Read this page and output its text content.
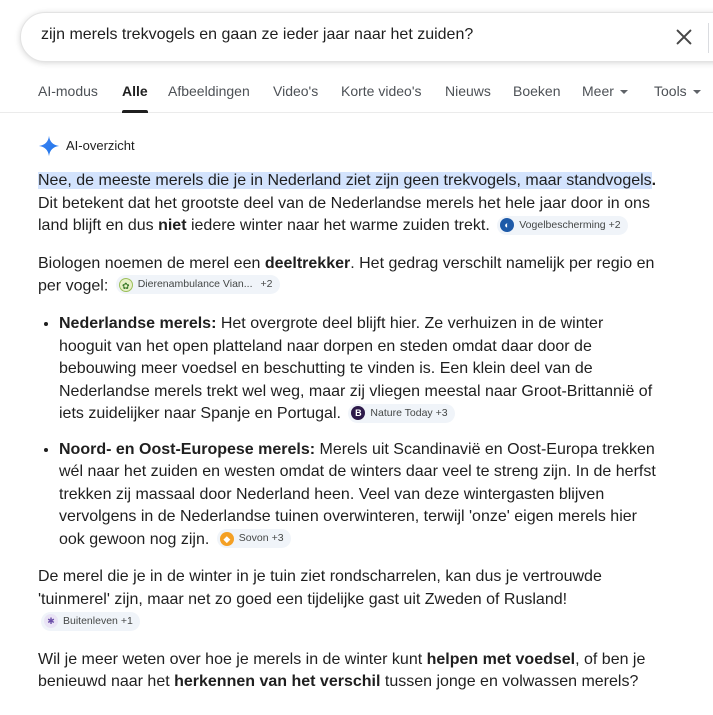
zijn merels trekvogels en gaan ze ieder jaar naar het zuiden?
AI-modus Alle Afbeeldingen Video's Korte video's Nieuws Boeken Meer	Tools
AI-overzicht

Nee, de meeste merels die je in Nederland ziet zijn geen trekvogels, maar standvogels. Dit betekent dat het grootste deel van de Nederlandse merels het hele jaar door in ons land blijft en dus niet iedere winter naar het warme zuiden trekt.	◐ Vogelbescherming +2

Biologen noemen de merel een deeltrekker. Het gedrag verschilt namelijk per regio en per vogel:	✿ Dierenambulance Vian... +2

• Nederlandse merels: Het overgrote deel blijft hier. Ze verhuizen in de winter hooguit van het open platteland naar dorpen en steden omdat daar door de bebouwing meer voedsel en beschutting te vinden is. Een klein deel van de Nederlandse merels trekt wel weg, maar zij vliegen meestal naar Groot-Brittannië of iets zuidelijker naar Spanje en Portugal.	B Nature Today +3
• Noord- en Oost-Europese merels: Merels uit Scandinavië en Oost-Europa trekken wél naar het zuiden en westen omdat de winters daar veel te streng zijn. In de herfst trekken zij massaal door Nederland heen. Veel van deze wintergasten blijven vervolgens in de Nederlandse tuinen overwinteren, terwijl 'onze' eigen merels hier ook gewoon nog zijn.	◆ Sovon +3

De merel die je in de winter in je tuin ziet rondscharrelen, kan dus je vertrouwde 'tuinmerel' zijn, maar net zo goed een tijdelijke gast uit Zweden of Rusland!
✱ Buitenleven +1

Wil je meer weten over hoe je merels in de winter kunt helpen met voedsel, of ben je benieuwd naar het herkennen van het verschil tussen jonge en volwassen merels?
